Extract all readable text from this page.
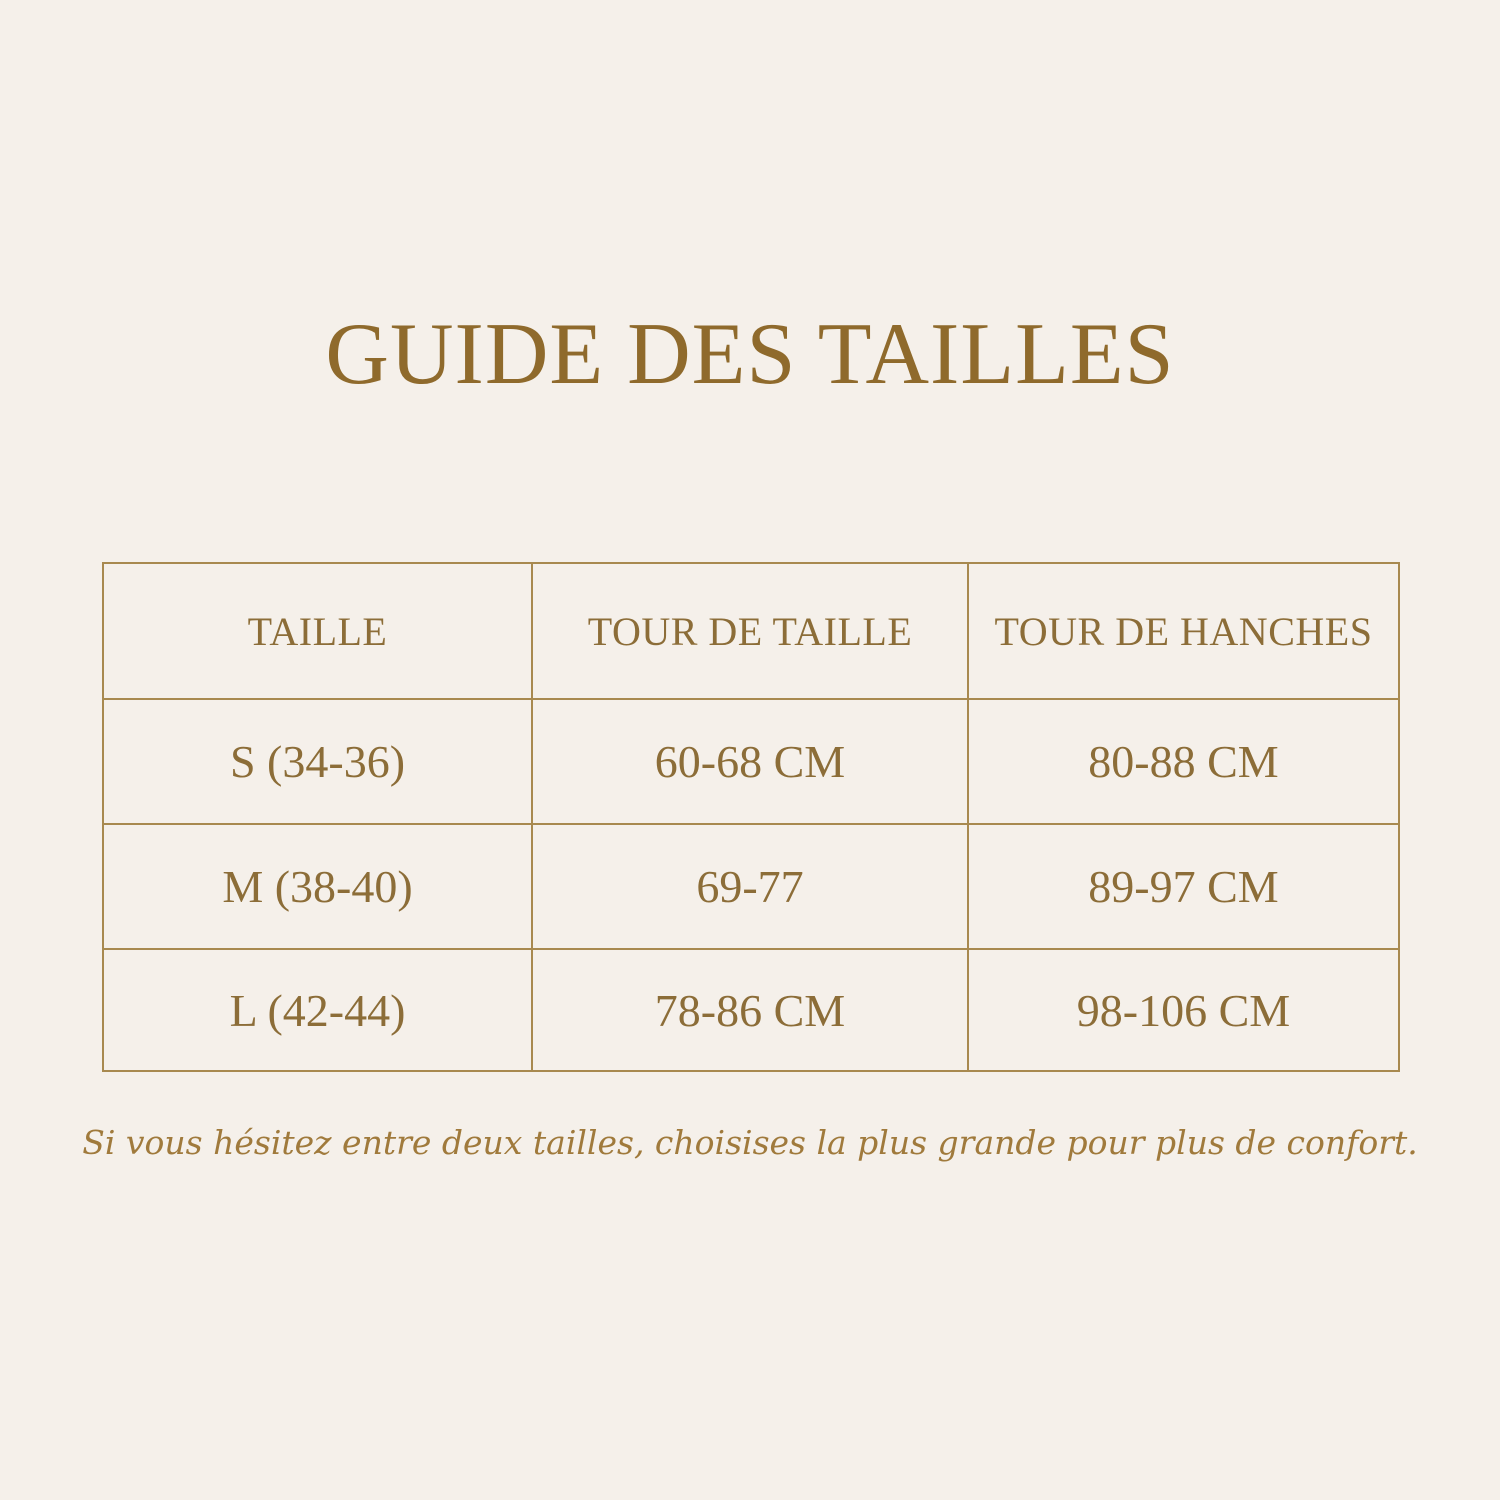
GUIDE DES TAILLES
TAILLE	TOUR DE TAILLE	TOUR DE HANCHES
S (34-36)	60-68 CM	80-88 CM
M (38-40)	69-77	89-97 CM
L (42-44)	78-86 CM	98-106 CM

Si vous hésitez entre deux tailles, choisises la plus grande pour plus de confort.
